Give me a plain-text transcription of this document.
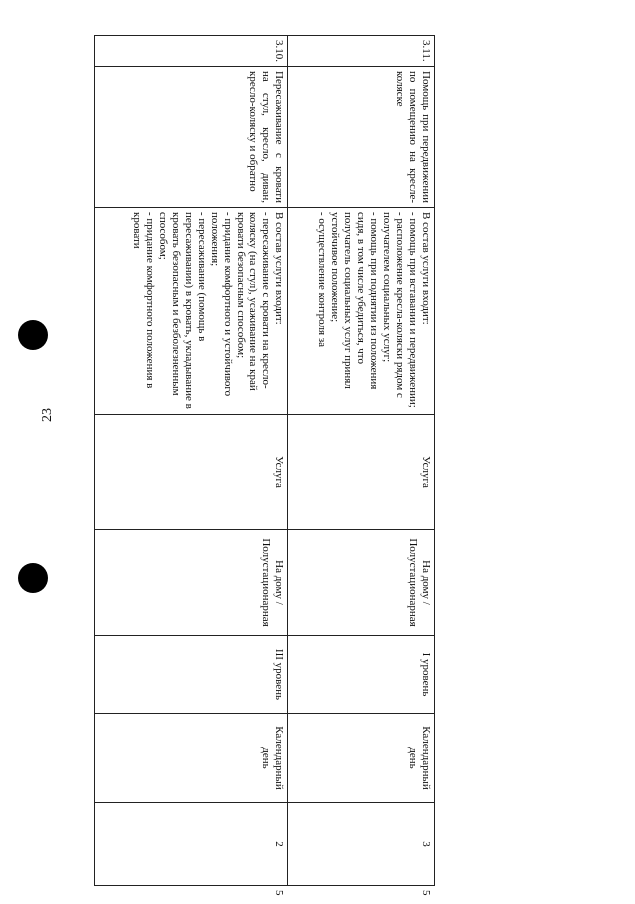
23
3.11.	Помощь при передвижении по помещению на кресле-коляске	В состав услуги входит:
- помощь при вставании и передвижении;
- расположение кресла-коляски рядом с получателем социальных услуг;
- помощь при поднятии из положения сидя, в том числе убедиться, что получатель социальных услуг принял устойчивое положение;
- осуществление контроля за	Услуга	На дому / Полустационарная	I уровень	Календарный день	3	5
3.10.	Пересаживание с кровати на стул, кресло, диван, кресло-коляску и обратно	В состав услуги входит:
- пересаживание с кровати на кресло-коляску (на стул), усаживание на край кровати безопасным способом;
- придание комфортного и устойчивого положения;
- пересаживание (помощь в пересаживании) в кровать, укладывание в кровать безопасным и безболезненным способом;
- придание комфортного положения в кровати	Услуга	На дому / Полустационарная	III уровень	Календарный день	2	5
